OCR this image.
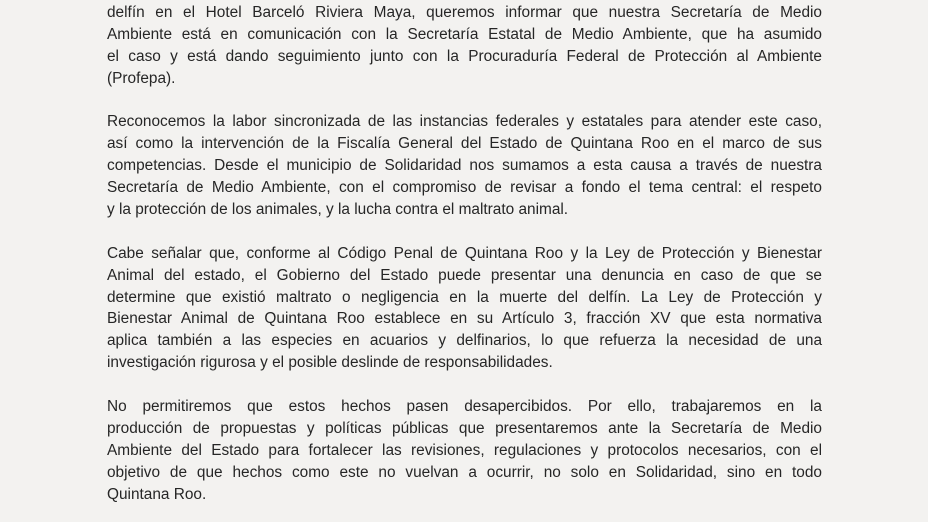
delfín en el Hotel Barceló Riviera Maya, queremos informar que nuestra Secretaría de Medio
Ambiente está en comunicación con la Secretaría Estatal de Medio Ambiente, que ha asumido
el caso y está dando seguimiento junto con la Procuraduría Federal de Protección al Ambiente
(Profepa).
Reconocemos la labor sincronizada de las instancias federales y estatales para atender este caso,
así como la intervención de la Fiscalía General del Estado de Quintana Roo en el marco de sus
competencias. Desde el municipio de Solidaridad nos sumamos a esta causa a través de nuestra
Secretaría de Medio Ambiente, con el compromiso de revisar a fondo el tema central: el respeto
y la protección de los animales, y la lucha contra el maltrato animal.
Cabe señalar que, conforme al Código Penal de Quintana Roo y la Ley de Protección y Bienestar
Animal del estado, el Gobierno del Estado puede presentar una denuncia en caso de que se
determine que existió maltrato o negligencia en la muerte del delfín. La Ley de Protección y
Bienestar Animal de Quintana Roo establece en su Artículo 3, fracción XV que esta normativa
aplica también a las especies en acuarios y delfinarios, lo que refuerza la necesidad de una
investigación rigurosa y el posible deslinde de responsabilidades.
No permitiremos que estos hechos pasen desapercibidos. Por ello, trabajaremos en la
producción de propuestas y políticas públicas que presentaremos ante la Secretaría de Medio
Ambiente del Estado para fortalecer las revisiones, regulaciones y protocolos necesarios, con el
objetivo de que hechos como este no vuelvan a ocurrir, no solo en Solidaridad, sino en todo
Quintana Roo.
